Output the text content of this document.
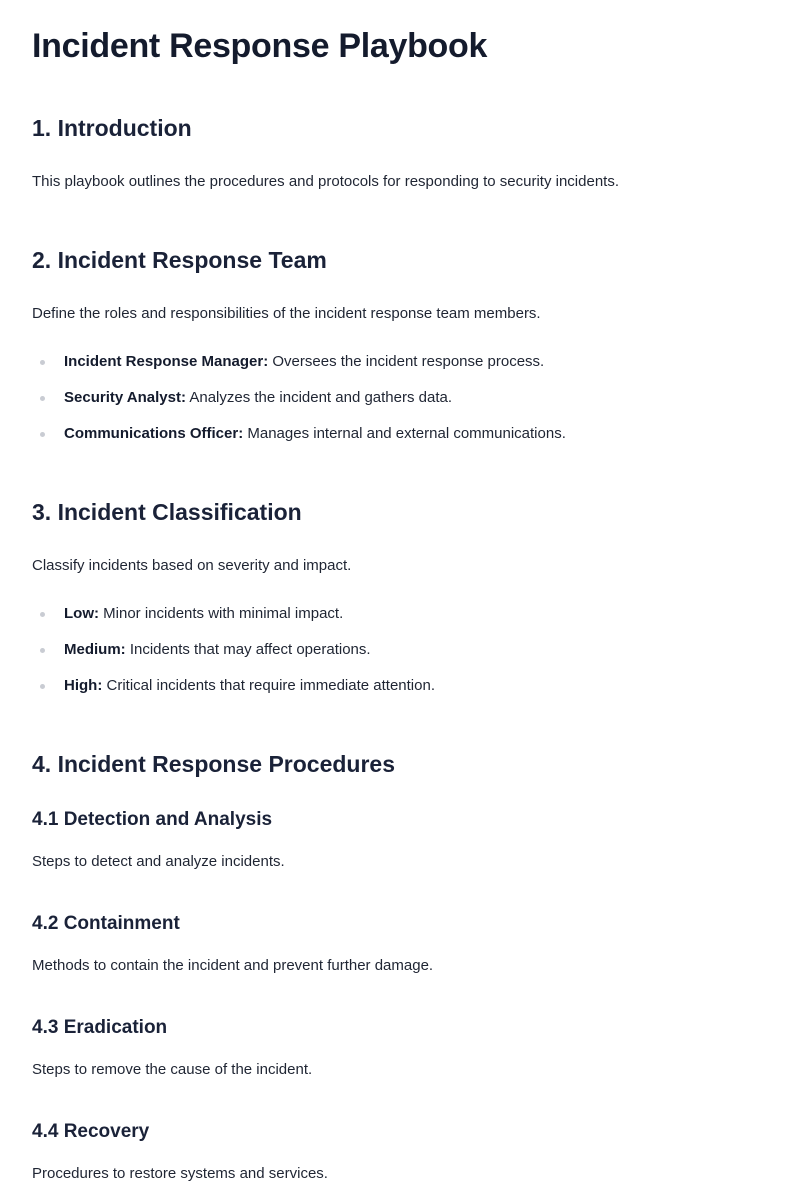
Incident Response Playbook
1. Introduction

This playbook outlines the procedures and protocols for responding to security incidents.

2. Incident Response Team

Define the roles and responsibilities of the incident response team members.

Incident Response Manager: Oversees the incident response process.
Security Analyst: Analyzes the incident and gathers data.
Communications Officer: Manages internal and external communications.
3. Incident Classification

Classify incidents based on severity and impact.

Low: Minor incidents with minimal impact.
Medium: Incidents that may affect operations.
High: Critical incidents that require immediate attention.
4. Incident Response Procedures
4.1 Detection and Analysis

Steps to detect and analyze incidents.

4.2 Containment

Methods to contain the incident and prevent further damage.

4.3 Eradication

Steps to remove the cause of the incident.

4.4 Recovery

Procedures to restore systems and services.
